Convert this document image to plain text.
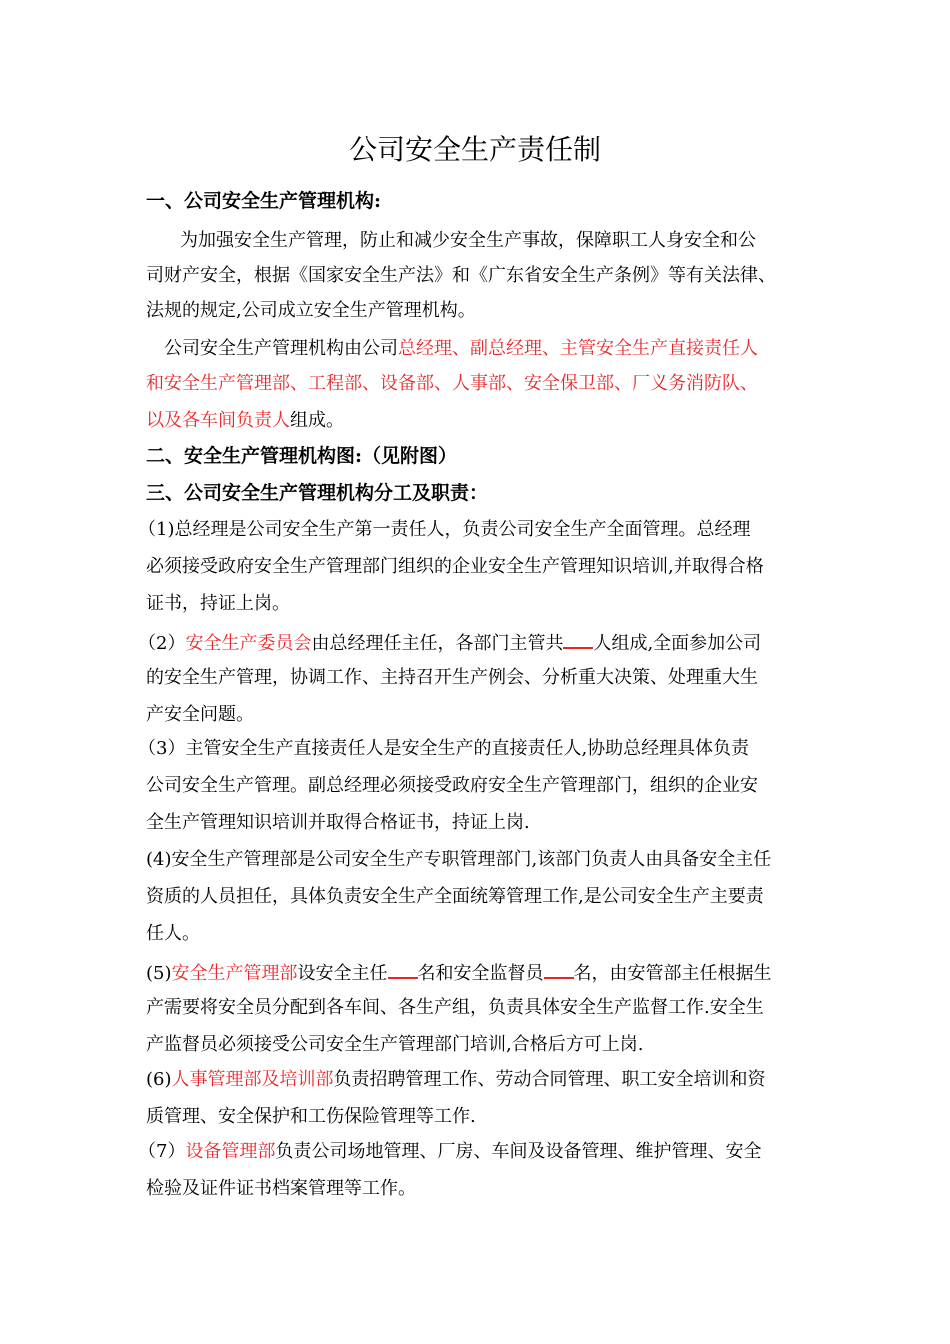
公司安全生产责任制

一、公司安全生产管理机构:

为加强安全生产管理，防止和减少安全生产事故，保障职工人身安全和公

司财产安全，根据《国家安全生产法》和《广东省安全生产条例》等有关法律、

法规的规定,公司成立安全生产管理机构。

公司安全生产管理机构由公司总经理、副总经理、主管安全生产直接责任人

和安全生产管理部、工程部、设备部、人事部、安全保卫部、厂义务消防队、

以及各车间负责人组成。

二、安全生产管理机构图:（见附图）

三、公司安全生产管理机构分工及职责：

（1)总经理是公司安全生产第一责任人，负责公司安全生产全面管理。总经理

必须接受政府安全生产管理部门组织的企业安全生产管理知识培训,并取得合格

证书，持证上岗。

（2）安全生产委员会由总经理任主任，各部门主管共 人组成,全面参加公司

的安全生产管理，协调工作、主持召开生产例会、分析重大决策、处理重大生

产安全问题。

（3）主管安全生产直接责任人是安全生产的直接责任人,协助总经理具体负责

公司安全生产管理。副总经理必须接受政府安全生产管理部门，组织的企业安

全生产管理知识培训并取得合格证书，持证上岗.

(4)安全生产管理部是公司安全生产专职管理部门,该部门负责人由具备安全主任

资质的人员担任，具体负责安全生产全面统筹管理工作,是公司安全生产主要责

任人。

(5)安全生产管理部设安全主任 名和安全监督员 名，由安管部主任根据生

产需要将安全员分配到各车间、各生产组，负责具体安全生产监督工作.安全生

产监督员必须接受公司安全生产管理部门培训,合格后方可上岗.

(6)人事管理部及培训部负责招聘管理工作、劳动合同管理、职工安全培训和资

质管理、安全保护和工伤保险管理等工作.

（7）设备管理部负责公司场地管理、厂房、车间及设备管理、维护管理、安全

检验及证件证书档案管理等工作。
